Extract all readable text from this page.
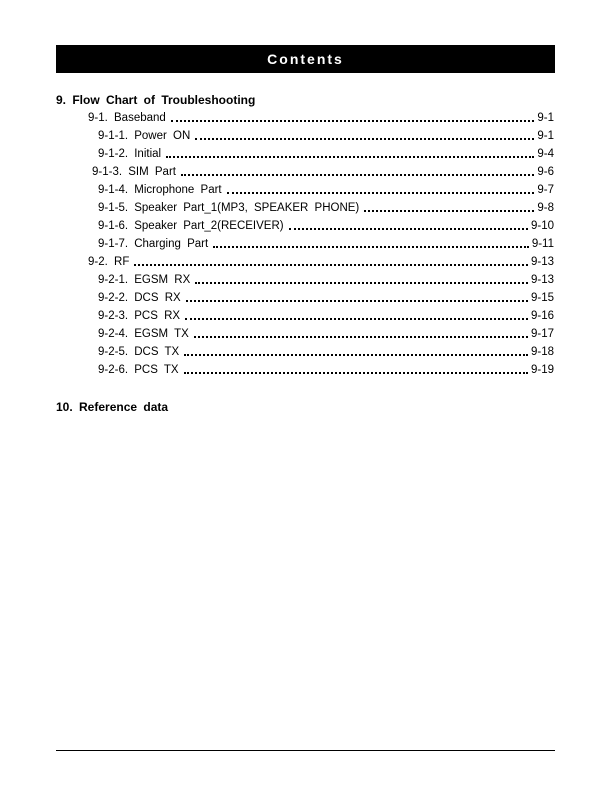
Contents
9. Flow Chart of Troubleshooting
9-1. Baseband	9-1
9-1-1. Power ON	9-1
9-1-2. Initial	9-4
9-1-3. SIM Part	9-6
9-1-4. Microphone Part	9-7
9-1-5. Speaker Part_1(MP3, SPEAKER PHONE)	9-8
9-1-6. Speaker Part_2(RECEIVER)	9-10
9-1-7. Charging Part	9-11
9-2. RF	9-13
9-2-1. EGSM RX	9-13
9-2-2. DCS RX	9-15
9-2-3. PCS RX	9-16
9-2-4. EGSM TX	9-17
9-2-5. DCS TX	9-18
9-2-6. PCS TX	9-19
10. Reference data
